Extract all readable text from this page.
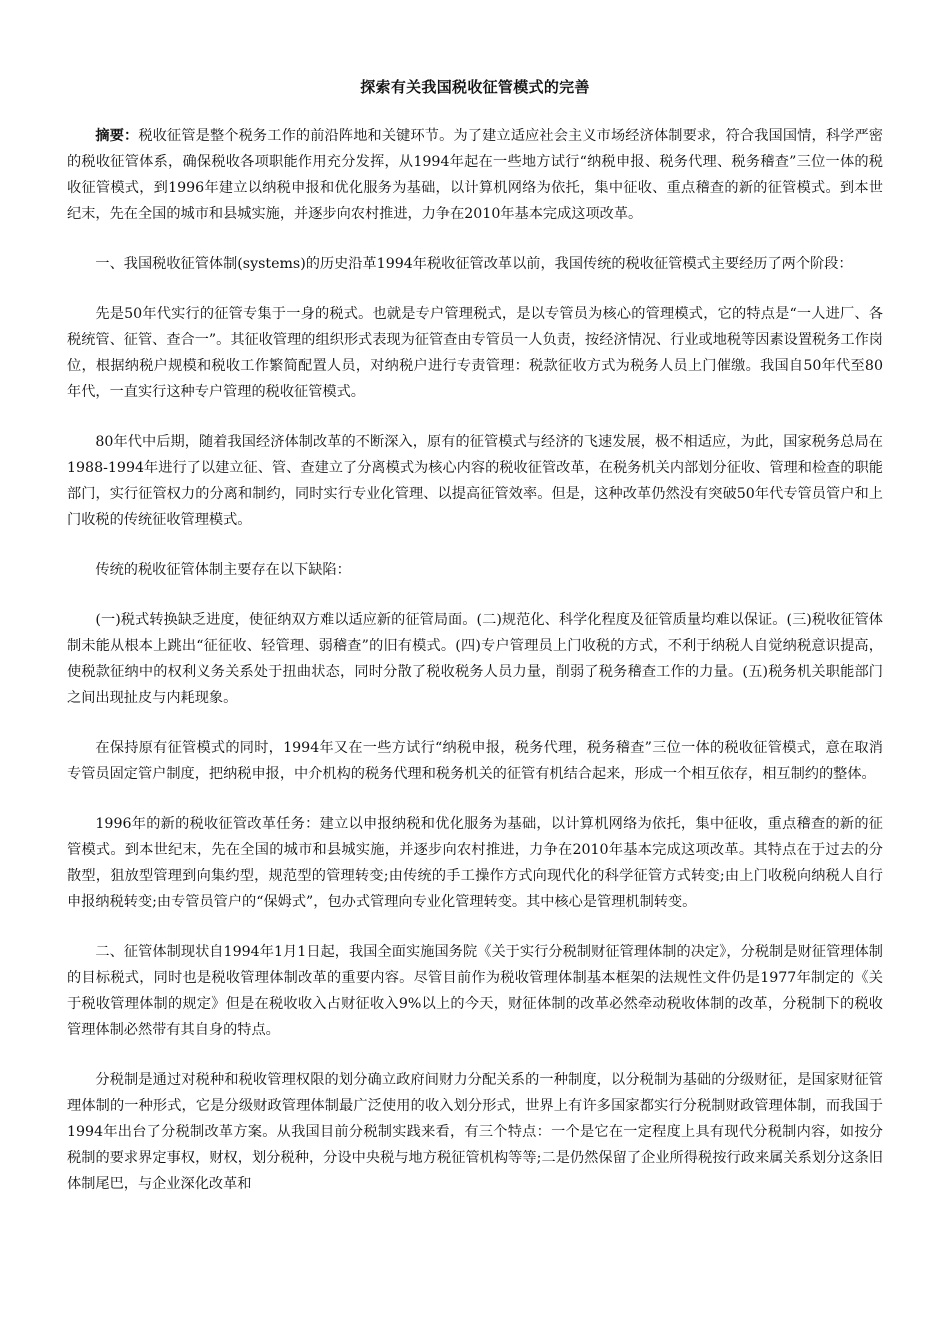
探索有关我国税收征管模式的完善

摘要：税收征管是整个税务工作的前沿阵地和关键环节。为了建立适应社会主义市场经济体制要求，符合我国国情，科学严密的税收征管体系，确保税收各项职能作用充分发挥，从1994年起在一些地方试行“纳税申报、税务代理、税务稽查”三位一体的税收征管模式，到1996年建立以纳税申报和优化服务为基础，以计算机网络为依托，集中征收、重点稽查的新的征管模式。到本世纪末，先在全国的城市和县城实施，并逐步向农村推进，力争在2010年基本完成这项改革。

一、我国税收征管体制(systems)的历史沿革1994年税收征管改革以前，我国传统的税收征管模式主要经历了两个阶段：

先是50年代实行的征管专集于一身的税式。也就是专户管理税式，是以专管员为核心的管理模式，它的特点是“一人进厂、各税统管、征管、查合一”。其征收管理的组织形式表现为征管查由专管员一人负责，按经济情况、行业或地税等因素设置税务工作岗位，根据纳税户规模和税收工作繁简配置人员，对纳税户进行专责管理：税款征收方式为税务人员上门催缴。我国自50年代至80年代，一直实行这种专户管理的税收征管模式。

80年代中后期，随着我国经济体制改革的不断深入，原有的征管模式与经济的飞速发展，极不相适应，为此，国家税务总局在1988-1994年进行了以建立征、管、查建立了分离模式为核心内容的税收征管改革，在税务机关内部划分征收、管理和检查的职能部门，实行征管权力的分离和制约，同时实行专业化管理、以提高征管效率。但是，这种改革仍然没有突破50年代专管员管户和上门收税的传统征收管理模式。

传统的税收征管体制主要存在以下缺陷：

(一)税式转换缺乏进度，使征纳双方难以适应新的征管局面。(二)规范化、科学化程度及征管质量均难以保证。(三)税收征管体制未能从根本上跳出“征征收、轻管理、弱稽查”的旧有模式。(四)专户管理员上门收税的方式，不利于纳税人自觉纳税意识提高，使税款征纳中的权利义务关系处于扭曲状态，同时分散了税收税务人员力量，削弱了税务稽查工作的力量。(五)税务机关职能部门之间出现扯皮与内耗现象。

在保持原有征管模式的同时，1994年又在一些方试行“纳税申报，税务代理，税务稽查”三位一体的税收征管模式，意在取消专管员固定管户制度，把纳税申报，中介机构的税务代理和税务机关的征管有机结合起来，形成一个相互依存，相互制约的整体。

1996年的新的税收征管改革任务：建立以申报纳税和优化服务为基础，以计算机网络为依托，集中征收，重点稽查的新的征管模式。到本世纪末，先在全国的城市和县城实施，并逐步向农村推进，力争在2010年基本完成这项改革。其特点在于过去的分散型，狙放型管理到向集约型，规范型的管理转变;由传统的手工操作方式向现代化的科学征管方式转变;由上门收税向纳税人自行申报纳税转变;由专管员管户的“保姆式”，包办式管理向专业化管理转变。其中核心是管理机制转变。

二、征管体制现状自1994年1月1日起，我国全面实施国务院《关于实行分税制财征管理体制的决定》，分税制是财征管理体制的目标税式，同时也是税收管理体制改革的重要内容。尽管目前作为税收管理体制基本框架的法规性文件仍是1977年制定的《关于税收管理体制的规定》但是在税收收入占财征收入9%以上的今天，财征体制的改革必然牵动税收体制的改革，分税制下的税收管理体制必然带有其自身的特点。

分税制是通过对税种和税收管理权限的划分确立政府间财力分配关系的一种制度，以分税制为基础的分级财征，是国家财征管理体制的一种形式，它是分级财政管理体制最广泛使用的收入划分形式，世界上有许多国家都实行分税制财政管理体制，而我国于1994年出台了分税制改革方案。从我国目前分税制实践来看，有三个特点：一个是它在一定程度上具有现代分税制内容，如按分税制的要求界定事权，财权，划分税种，分设中央税与地方税征管机构等等;二是仍然保留了企业所得税按行政来属关系划分这条旧体制尾巴，与企业深化改革和
